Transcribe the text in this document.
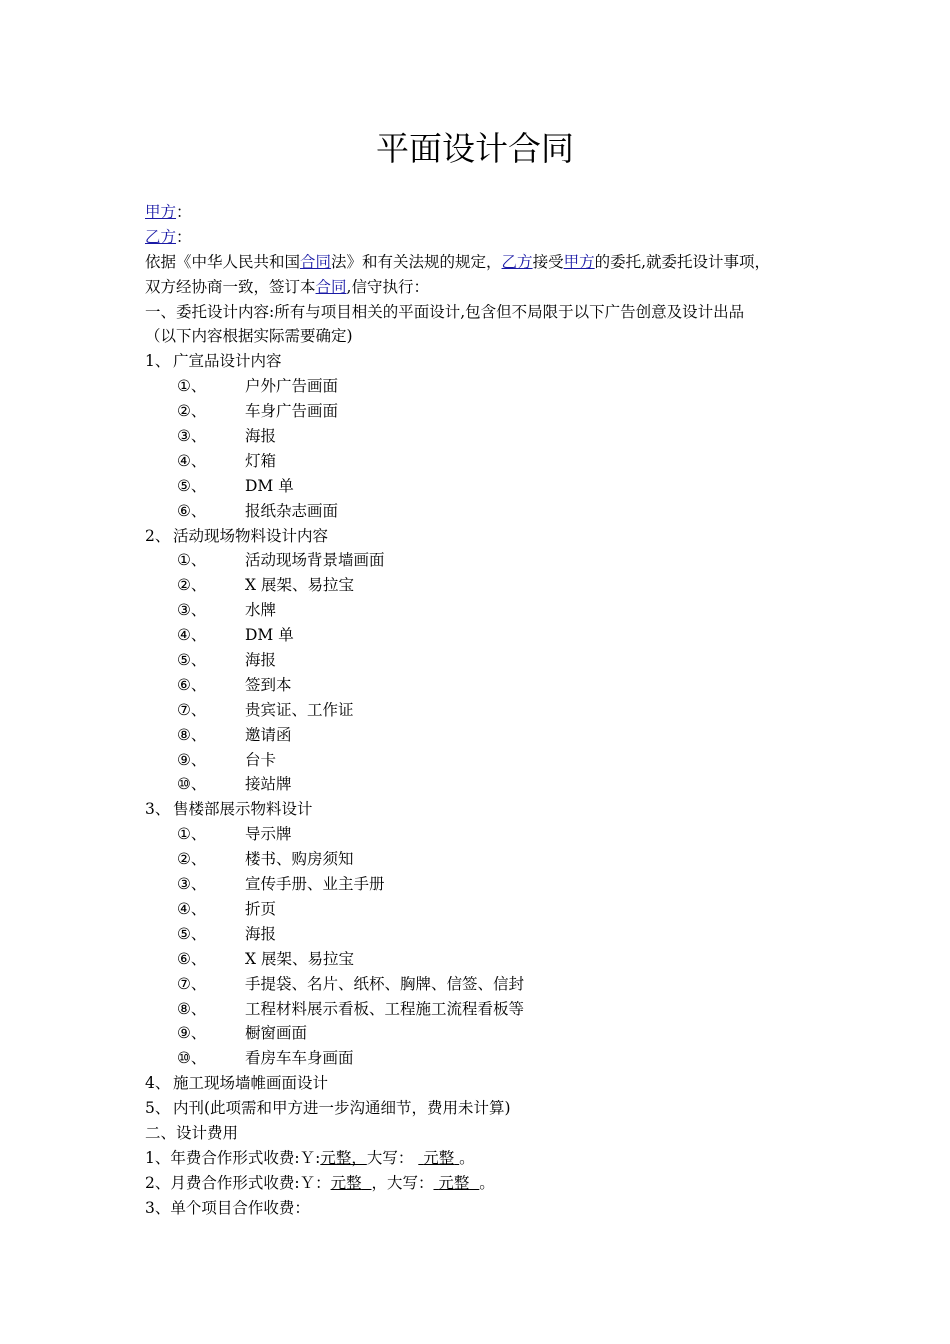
平面设计合同
甲方：
乙方：
依据《中华人民共和国合同法》和有关法规的规定，乙方接受甲方的委托,就委托设计事项，
双方经协商一致，签订本合同,信守执行：
一、委托设计内容:所有与项目相关的平面设计,包含但不局限于以下广告创意及设计出品
（以下内容根据实际需要确定)
1、 广宣品设计内容
①、 户外广告画面
②、 车身广告画面
③、 海报
④、 灯箱
⑤、 DM 单
⑥、 报纸杂志画面
2、 活动现场物料设计内容
①、 活动现场背景墙画面
②、 X 展架、易拉宝
③、 水牌
④、 DM 单
⑤、 海报
⑥、 签到本
⑦、 贵宾证、工作证
⑧、 邀请函
⑨、 台卡
⑩、 接站牌
3、 售楼部展示物料设计
①、 导示牌
②、 楼书、购房须知
③、 宣传手册、业主手册
④、 折页
⑤、 海报
⑥、 X 展架、易拉宝
⑦、 手提袋、名片、纸杯、胸牌、信签、信封
⑧、 工程材料展示看板、工程施工流程看板等
⑨、 橱窗画面
⑩、 看房车车身画面
4、 施工现场墙帷画面设计
5、 内刊(此项需和甲方进一步沟通细节，费用未计算)
二、设计费用
1、年费合作形式收费:Ｙ:元整，大写： 元整 。
2、月费合作形式收费:Ｙ：元整 ，大写： 元整 。
3、单个项目合作收费：
